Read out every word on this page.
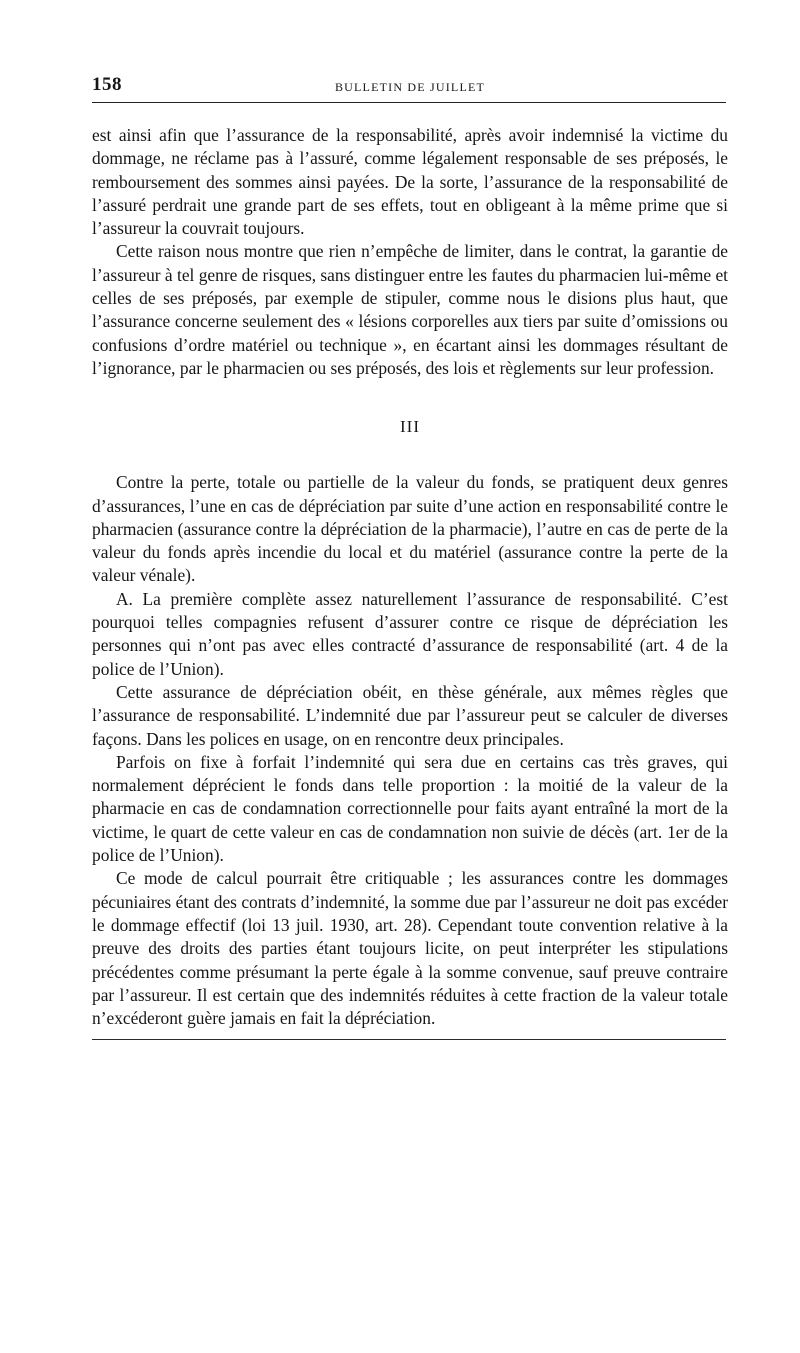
158	BULLETIN DE JUILLET

est ainsi afin que l’assurance de la responsabilité, après avoir indemnisé la victime du dommage, ne réclame pas à l’assuré, comme légalement responsable de ses préposés, le remboursement des sommes ainsi payées. De la sorte, l’assurance de la responsabilité de l’assuré perdrait une grande part de ses effets, tout en obligeant à la même prime que si l’assureur la couvrait toujours.

Cette raison nous montre que rien n’empêche de limiter, dans le contrat, la garantie de l’assureur à tel genre de risques, sans distinguer entre les fautes du pharmacien lui-même et celles de ses préposés, par exemple de stipuler, comme nous le disions plus haut, que l’assurance concerne seulement des « lésions corporelles aux tiers par suite d’omissions ou confusions d’ordre matériel ou technique », en écartant ainsi les dommages résultant de l’ignorance, par le pharmacien ou ses préposés, des lois et règlements sur leur profession.

III

Contre la perte, totale ou partielle de la valeur du fonds, se pratiquent deux genres d’assurances, l’une en cas de dépréciation par suite d’une action en responsabilité contre le pharmacien (assurance contre la dépréciation de la pharmacie), l’autre en cas de perte de la valeur du fonds après incendie du local et du matériel (assurance contre la perte de la valeur vénale).

A. La première complète assez naturellement l’assurance de responsabilité. C’est pourquoi telles compagnies refusent d’assurer contre ce risque de dépréciation les personnes qui n’ont pas avec elles contracté d’assurance de responsabilité (art. 4 de la police de l’Union).

Cette assurance de dépréciation obéit, en thèse générale, aux mêmes règles que l’assurance de responsabilité. L’indemnité due par l’assureur peut se calculer de diverses façons. Dans les polices en usage, on en rencontre deux principales.

Parfois on fixe à forfait l’indemnité qui sera due en certains cas très graves, qui normalement déprécient le fonds dans telle proportion : la moitié de la valeur de la pharmacie en cas de condamnation correctionnelle pour faits ayant entraîné la mort de la victime, le quart de cette valeur en cas de condamnation non suivie de décès (art. 1er de la police de l’Union).

Ce mode de calcul pourrait être critiquable ; les assurances contre les dommages pécuniaires étant des contrats d’indemnité, la somme due par l’assureur ne doit pas excéder le dommage effectif (loi 13 juil. 1930, art. 28). Cependant toute convention relative à la preuve des droits des parties étant toujours licite, on peut interpréter les stipulations précédentes comme présumant la perte égale à la somme convenue, sauf preuve contraire par l’assureur. Il est certain que des indemnités réduites à cette fraction de la valeur totale n’excéderont guère jamais en fait la dépréciation.
